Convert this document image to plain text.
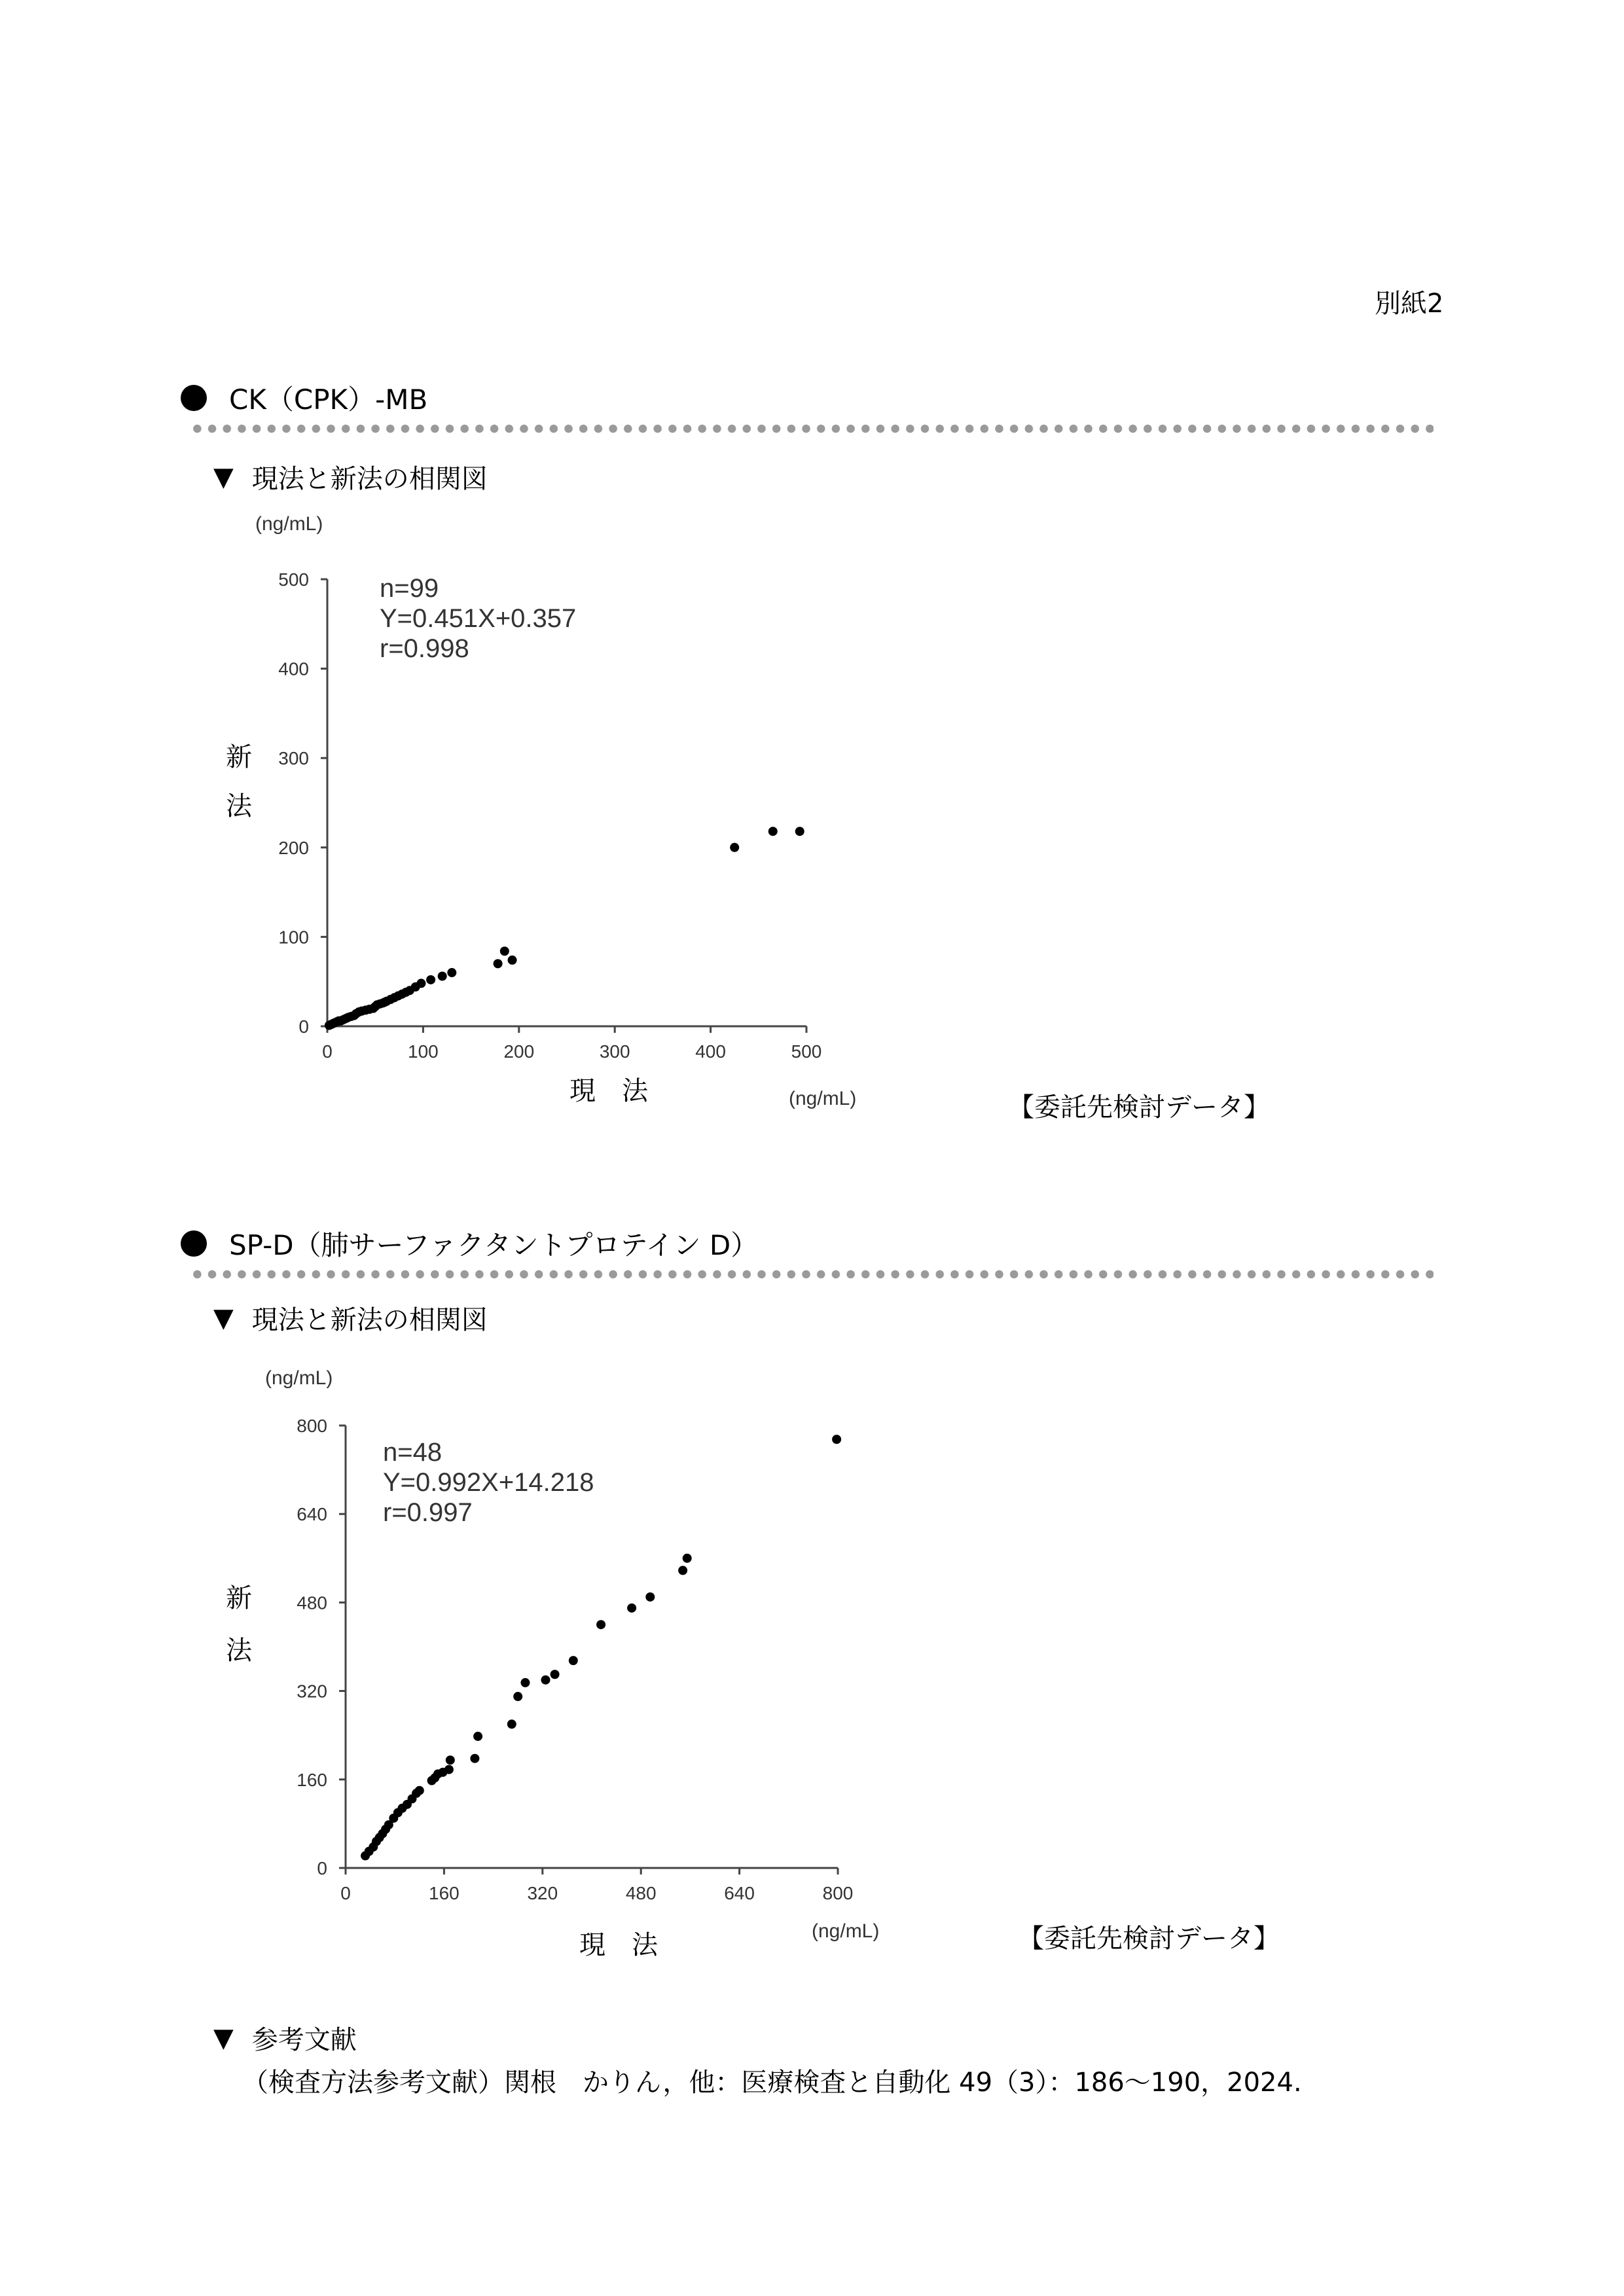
別紙2
CK（CPK）-MB
▼ 現法と新法の相関図
0	100	200	300	400	500
0
100
200
300
400
500
(ng/mL)
(ng/mL)
現　法
新
法
n=99
Y=0.451X+0.357
r=0.998
0	160	320	480	640	800
0
160
320
480
640
800
(ng/mL)
(ng/mL)
現　法
新
法
n=48
Y=0.992X+14.218
r=0.997
【委託先検討データ】
SP-D（肺サーファクタントプロテイン D）
▼ 現法と新法の相関図
【委託先検討データ】
▼ 参考文献
（検査方法参考文献）関根　かりん，他：医療検査と自動化 49（3）：186〜190，2024.
